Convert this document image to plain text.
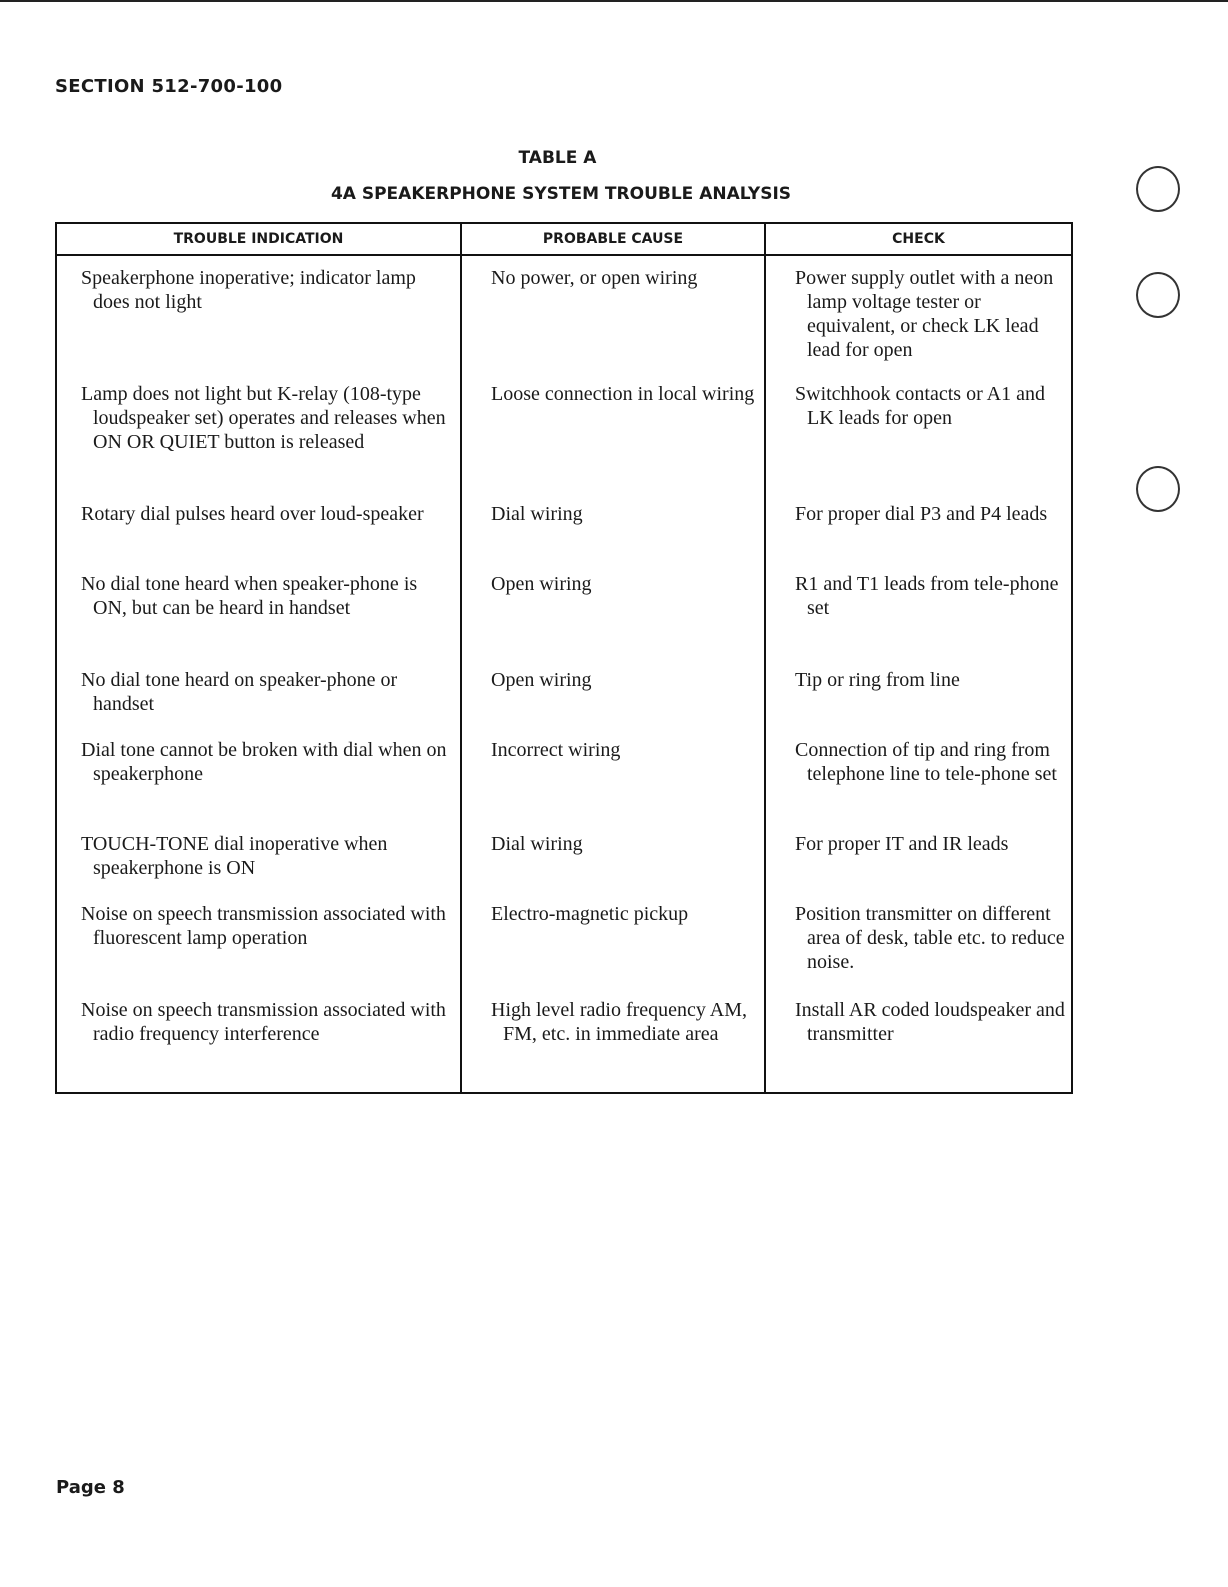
SECTION 512-700-100
TABLE A
4A SPEAKERPHONE SYSTEM TROUBLE ANALYSIS
TROUBLE INDICATION	PROBABLE CAUSE	CHECK

Speakerphone inoperative; indicator lamp does not light	No power, or open wiring	Power supply outlet with a neon lamp voltage tester or equivalent, or check LK lead lead for open

Lamp does not light but K-relay (108-type loudspeaker set) operates and releases when ON OR QUIET button is released	Loose connection in local wiring	Switchhook contacts or A1 and LK leads for open

Rotary dial pulses heard over loud-speaker	Dial wiring	For proper dial P3 and P4 leads

No dial tone heard when speaker-phone is ON, but can be heard in handset	Open wiring	R1 and T1 leads from tele-phone set

No dial tone heard on speaker-phone or handset	Open wiring	Tip or ring from line

Dial tone cannot be broken with dial when on speakerphone	Incorrect wiring	Connection of tip and ring from telephone line to tele-phone set

TOUCH-TONE dial inoperative when speakerphone is ON	Dial wiring	For proper IT and IR leads

Noise on speech transmission associated with fluorescent lamp operation	Electro-magnetic pickup	Position transmitter on different area of desk, table etc. to reduce noise.

Noise on speech transmission associated with radio frequency interference	High level radio frequency AM, FM, etc. in immediate area	Install AR coded loudspeaker and transmitter
Page 8
